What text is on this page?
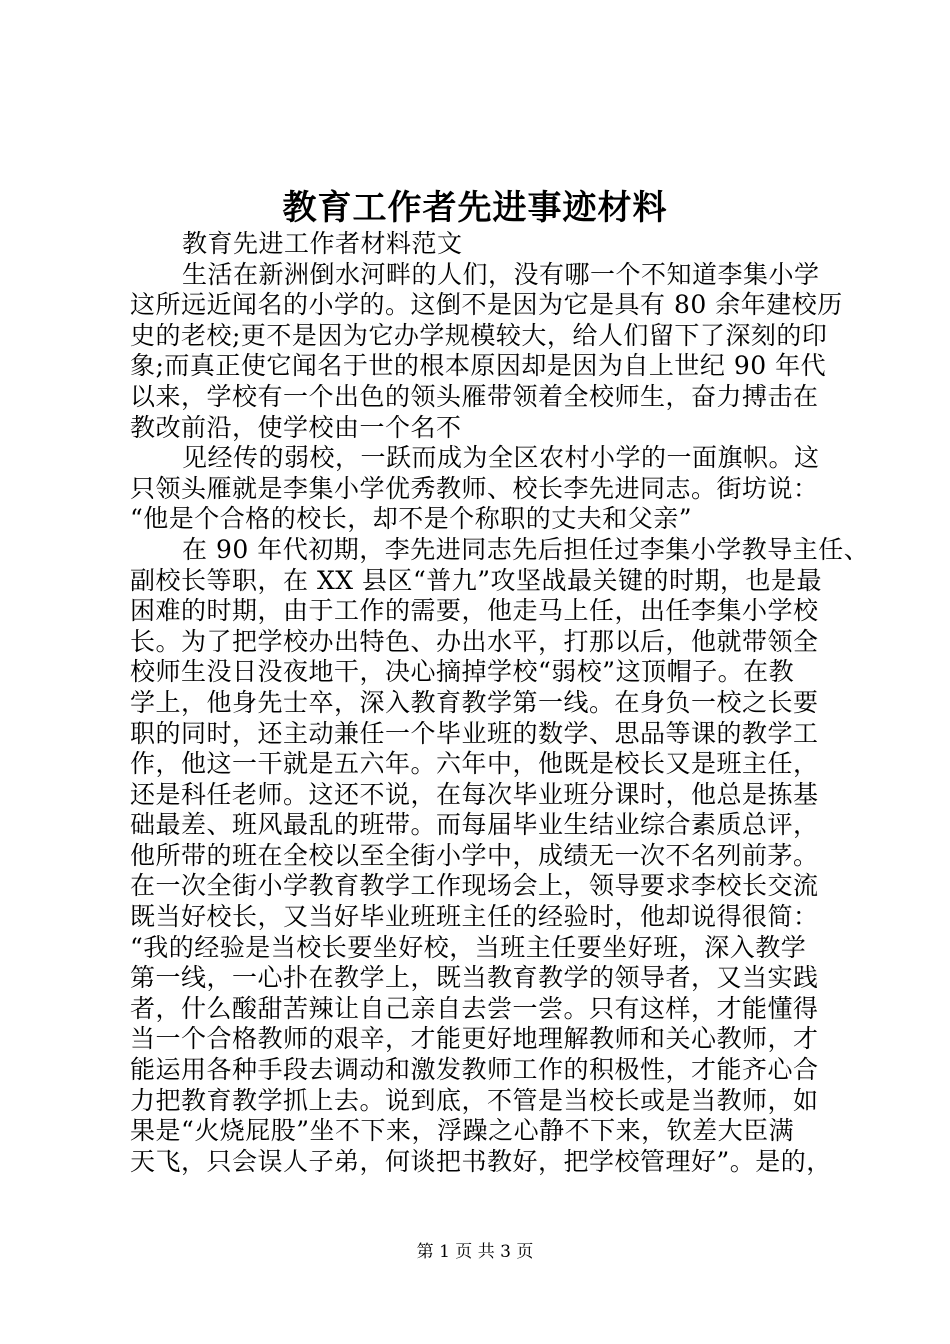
教育工作者先进事迹材料
教育先进工作者材料范文
生活在新洲倒水河畔的人们，没有哪一个不知道李集小学
这所远近闻名的小学的。这倒不是因为它是具有 80 余年建校历
史的老校;更不是因为它办学规模较大，给人们留下了深刻的印
象;而真正使它闻名于世的根本原因却是因为自上世纪 90 年代
以来，学校有一个出色的领头雁带领着全校师生，奋力搏击在
教改前沿，使学校由一个名不
见经传的弱校，一跃而成为全区农村小学的一面旗帜。这
只领头雁就是李集小学优秀教师、校长李先进同志。街坊说：
“他是个合格的校长，却不是个称职的丈夫和父亲”
在 90 年代初期，李先进同志先后担任过李集小学教导主任、
副校长等职，在 XX 县区“普九”攻坚战最关键的时期，也是最
困难的时期，由于工作的需要，他走马上任，出任李集小学校
长。为了把学校办出特色、办出水平，打那以后，他就带领全
校师生没日没夜地干，决心摘掉学校“弱校”这顶帽子。在教
学上，他身先士卒，深入教育教学第一线。在身负一校之长要
职的同时，还主动兼任一个毕业班的数学、思品等课的教学工
作，他这一干就是五六年。六年中，他既是校长又是班主任，
还是科任老师。这还不说，在每次毕业班分课时，他总是拣基
础最差、班风最乱的班带。而每届毕业生结业综合素质总评，
他所带的班在全校以至全街小学中，成绩无一次不名列前茅。
在一次全街小学教育教学工作现场会上，领导要求李校长交流
既当好校长，又当好毕业班班主任的经验时，他却说得很简：
“我的经验是当校长要坐好校，当班主任要坐好班，深入教学
第一线，一心扑在教学上，既当教育教学的领导者，又当实践
者，什么酸甜苦辣让自己亲自去尝一尝。只有这样，才能懂得
当一个合格教师的艰辛，才能更好地理解教师和关心教师，才
能运用各种手段去调动和激发教师工作的积极性，才能齐心合
力把教育教学抓上去。说到底，不管是当校长或是当教师，如
果是“火烧屁股”坐不下来，浮躁之心静不下来，钦差大臣满
天飞，只会误人子弟，何谈把书教好，把学校管理好”。是的，
第 1 页 共 3 页
